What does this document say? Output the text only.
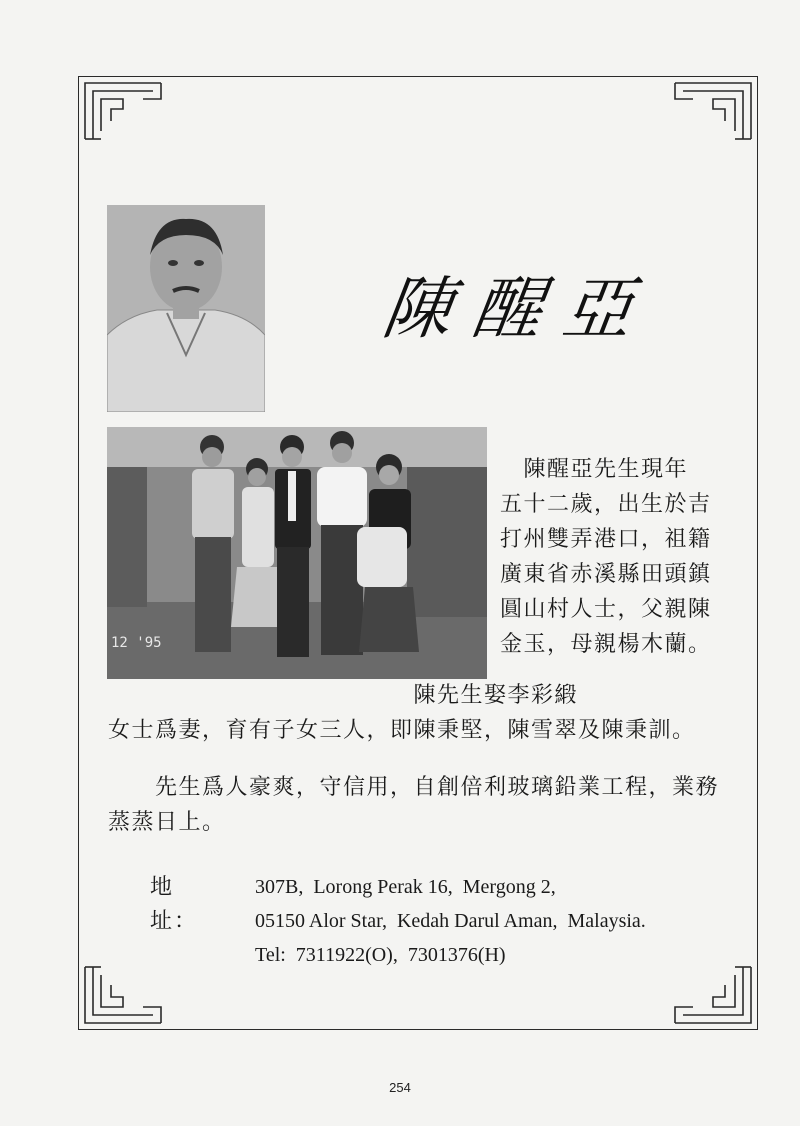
陳醒亞
12 '95
　陳醒亞先生現年
五十二歲，出生於吉
打州雙弄港口，祖籍
廣東省赤溪縣田頭鎮
圓山村人士，父親陳
金玉，母親楊木蘭。
　　　　　　　　　　　　　陳先生娶李彩緞
女士爲妻，育有子女三人，即陳秉堅，陳雪翠及陳秉訓。
　　先生爲人豪爽，守信用，自創倍利玻璃鉛業工程，業務
蒸蒸日上。
地址：
307B,  Lorong Perak 16,  Mergong 2,
05150 Alor Star,  Kedah Darul Aman,  Malaysia.
Tel:  7311922(O),  7301376(H)
254
